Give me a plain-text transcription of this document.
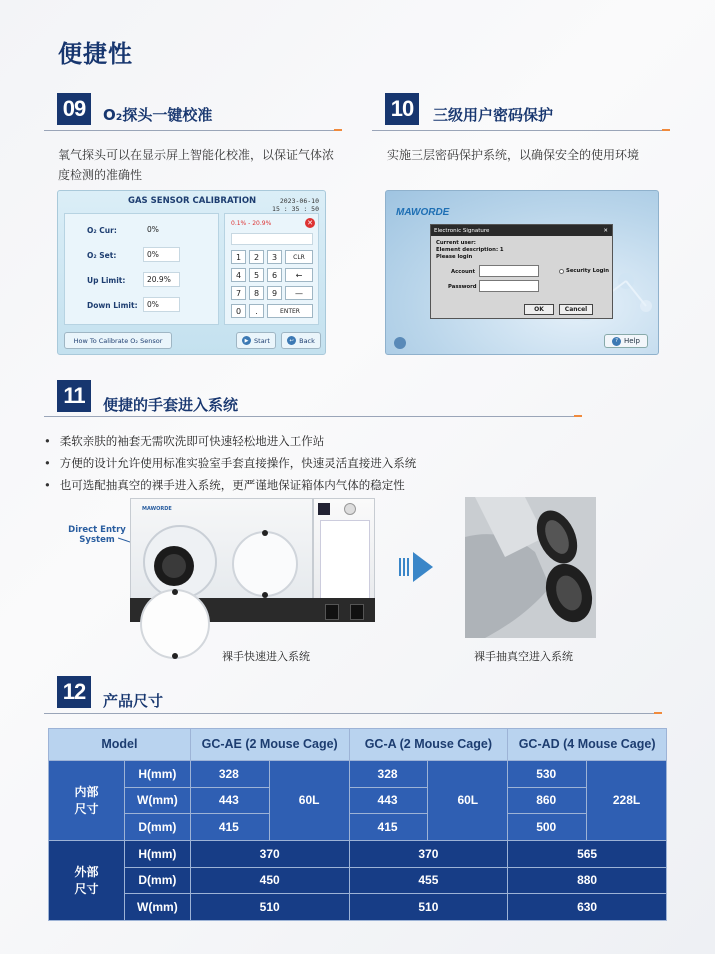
便捷性
09	O₂探头一键校准
氧气探头可以在显示屏上智能化校准，以保证气体浓度检测的准确性
10	三级用户密码保护
实施三层密码保护系统，以确保安全的使用环境
GAS SENSOR CALIBRATION	2023-06-10
15 : 35 : 50
O₂ Cur:	0%
O₂ Set:	0%
Up Limit:	20.9%
Down Limit:	0%
0.1% - 20.9%	✕
1	2	3	CLR
4	5	6	←
7	8	9	—
0	.	ENTER
How To Calibrate O₂ Sensor	▶ Start	↩ Back
MAWORDE
Electronic Signature	✕
Current user:
Element description: 1
Please login
Account
Password
Security Login
OK	Cancel
? Help
11	便捷的手套进入系统
• 柔软亲肤的袖套无需吹洗即可快速轻松地进入工作站
• 方便的设计允许使用标准实验室手套直接操作，快速灵活直接进入系统
• 也可选配抽真空的裸手进入系统，更严谨地保证箱体内气体的稳定性
Direct Entry System
MAWORDE
裸手快速进入系统	裸手抽真空进入系统
12	产品尺寸
Model		GC-AE (2 Mouse Cage)		GC-A (2 Mouse Cage)		GC-AD (4 Mouse Cage)	
内部尺寸	H(mm)	328	60L	328	60L	530	228L
	W(mm)	443		443		860	
	D(mm)	415		415		500	
外部尺寸	H(mm)	370		370		565	
	D(mm)	450		455		880	
	W(mm)	510		510		630	
